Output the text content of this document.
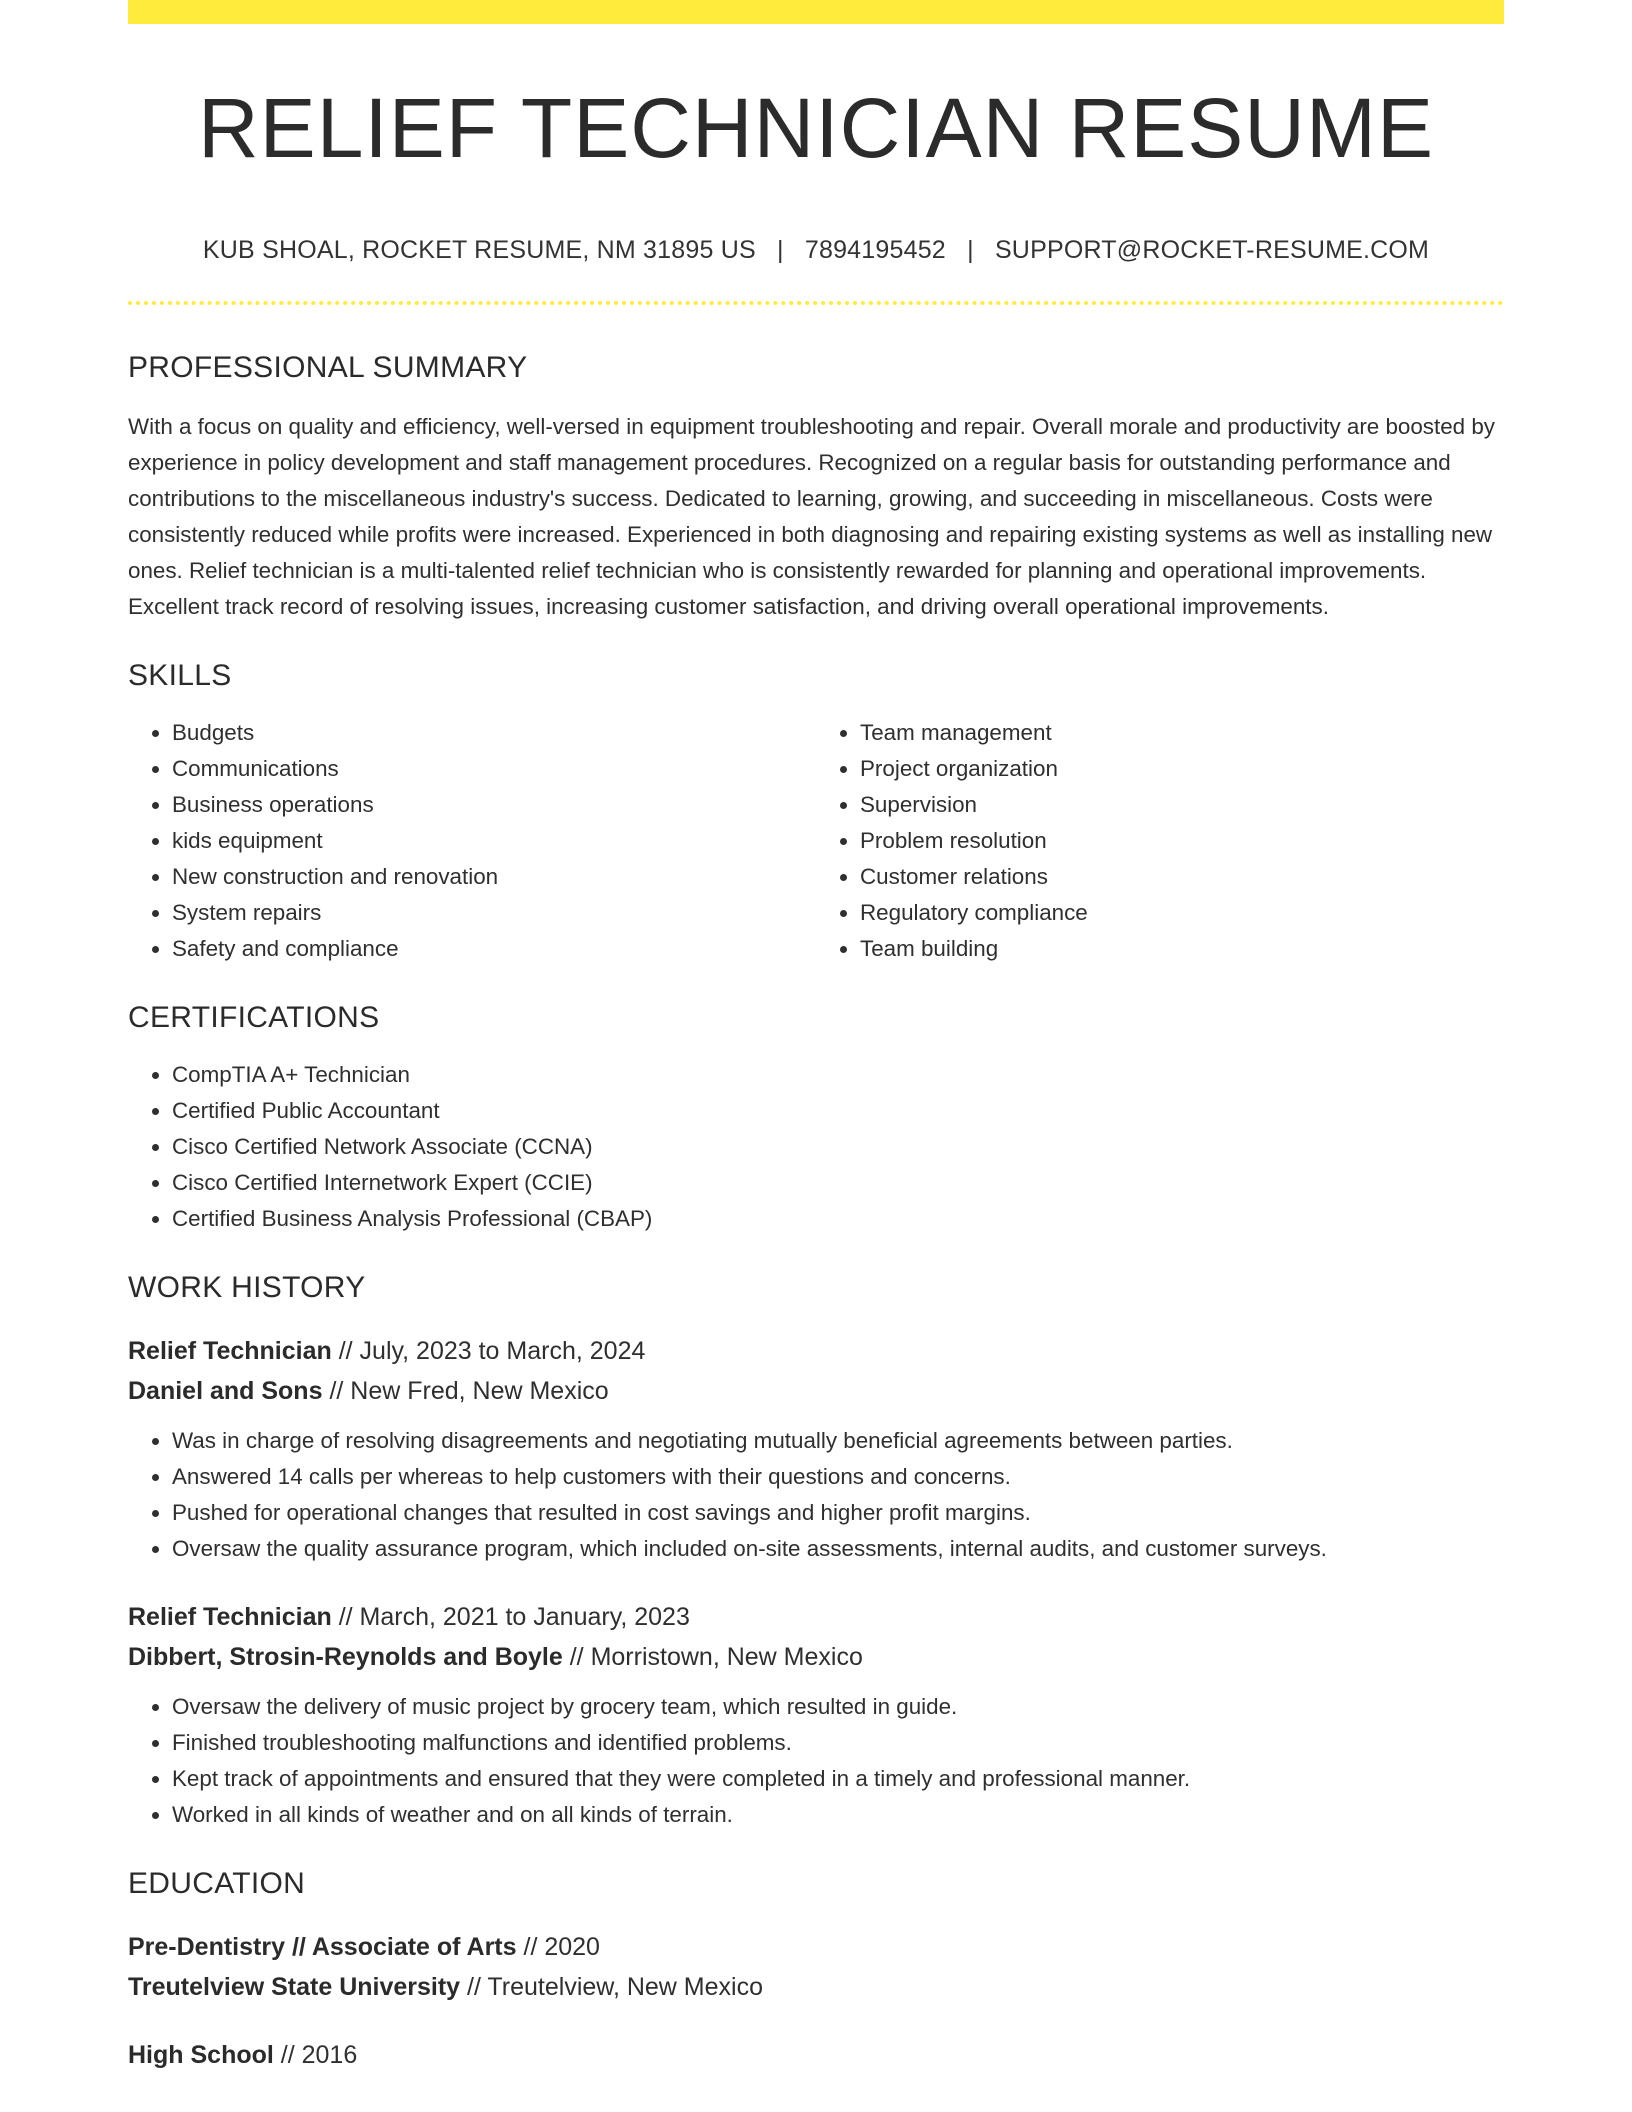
RELIEF TECHNICIAN RESUME
KUB SHOAL, ROCKET RESUME, NM 31895 US | 7894195452 | SUPPORT@ROCKET-RESUME.COM
PROFESSIONAL SUMMARY
With a focus on quality and efficiency, well-versed in equipment troubleshooting and repair. Overall morale and productivity are boosted by experience in policy development and staff management procedures. Recognized on a regular basis for outstanding performance and contributions to the miscellaneous industry's success. Dedicated to learning, growing, and succeeding in miscellaneous. Costs were consistently reduced while profits were increased. Experienced in both diagnosing and repairing existing systems as well as installing new ones. Relief technician is a multi-talented relief technician who is consistently rewarded for planning and operational improvements. Excellent track record of resolving issues, increasing customer satisfaction, and driving overall operational improvements.
SKILLS
• Budgets
• Communications
• Business operations
• kids equipment
• New construction and renovation
• System repairs
• Safety and compliance
• Team management
• Project organization
• Supervision
• Problem resolution
• Customer relations
• Regulatory compliance
• Team building
CERTIFICATIONS
• CompTIA A+ Technician
• Certified Public Accountant
• Cisco Certified Network Associate (CCNA)
• Cisco Certified Internetwork Expert (CCIE)
• Certified Business Analysis Professional (CBAP)
WORK HISTORY
Relief Technician // July, 2023 to March, 2024
Daniel and Sons // New Fred, New Mexico
• Was in charge of resolving disagreements and negotiating mutually beneficial agreements between parties.
• Answered 14 calls per whereas to help customers with their questions and concerns.
• Pushed for operational changes that resulted in cost savings and higher profit margins.
• Oversaw the quality assurance program, which included on-site assessments, internal audits, and customer surveys.
Relief Technician // March, 2021 to January, 2023
Dibbert, Strosin-Reynolds and Boyle // Morristown, New Mexico
• Oversaw the delivery of music project by grocery team, which resulted in guide.
• Finished troubleshooting malfunctions and identified problems.
• Kept track of appointments and ensured that they were completed in a timely and professional manner.
• Worked in all kinds of weather and on all kinds of terrain.
EDUCATION
Pre-Dentistry // Associate of Arts // 2020
Treutelview State University // Treutelview, New Mexico
High School // 2016
